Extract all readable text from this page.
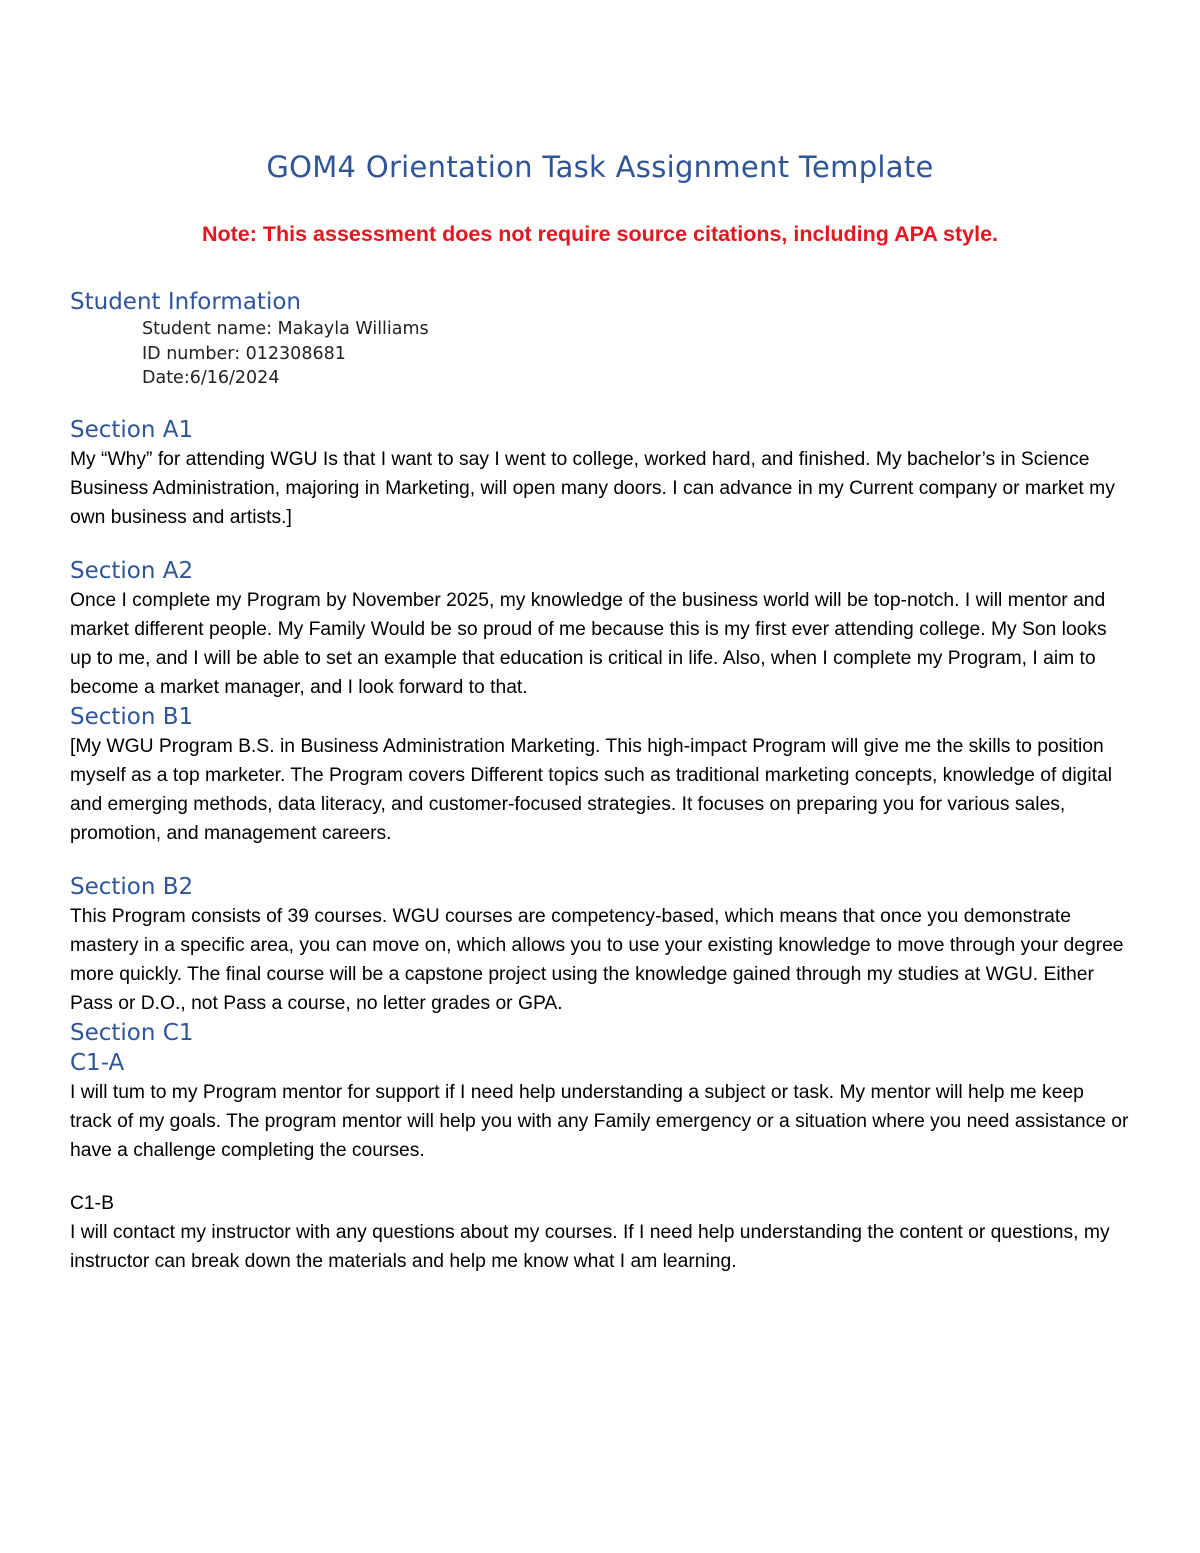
GOM4 Orientation Task Assignment Template

Note: This assessment does not require source citations, including APA style.

Student Information
Student name: Makayla Williams
ID number: 012308681
Date:6/16/2024
Section A1

My “Why” for attending WGU Is that I want to say I went to college, worked hard, and finished. My bachelor’s in Science Business Administration, majoring in Marketing, will open many doors. I can advance in my Current company or market my own business and artists.]

Section A2

Once I complete my Program by November 2025, my knowledge of the business world will be top-notch. I will mentor and market different people. My Family Would be so proud of me because this is my first ever attending college. My Son looks up to me, and I will be able to set an example that education is critical in life. Also, when I complete my Program, I aim to become a market manager, and I look forward to that.

Section B1

[My WGU Program B.S. in Business Administration Marketing. This high-impact Program will give me the skills to position myself as a top marketer. The Program covers Different topics such as traditional marketing concepts, knowledge of digital and emerging methods, data literacy, and customer-focused strategies. It focuses on preparing you for various sales, promotion, and management careers.

Section B2

This Program consists of 39 courses. WGU courses are competency-based, which means that once you demonstrate mastery in a specific area, you can move on, which allows you to use your existing knowledge to move through your degree more quickly. The final course will be a capstone project using the knowledge gained through my studies at WGU. Either Pass or D.O., not Pass a course, no letter grades or GPA.

Section C1
C1-A

I will tum to my Program mentor for support if I need help understanding a subject or task. My mentor will help me keep track of my goals. The program mentor will help you with any Family emergency or a situation where you need assistance or have a challenge completing the courses.

C1-B

I will contact my instructor with any questions about my courses. If I need help understanding the content or questions, my instructor can break down the materials and help me know what I am learning.
